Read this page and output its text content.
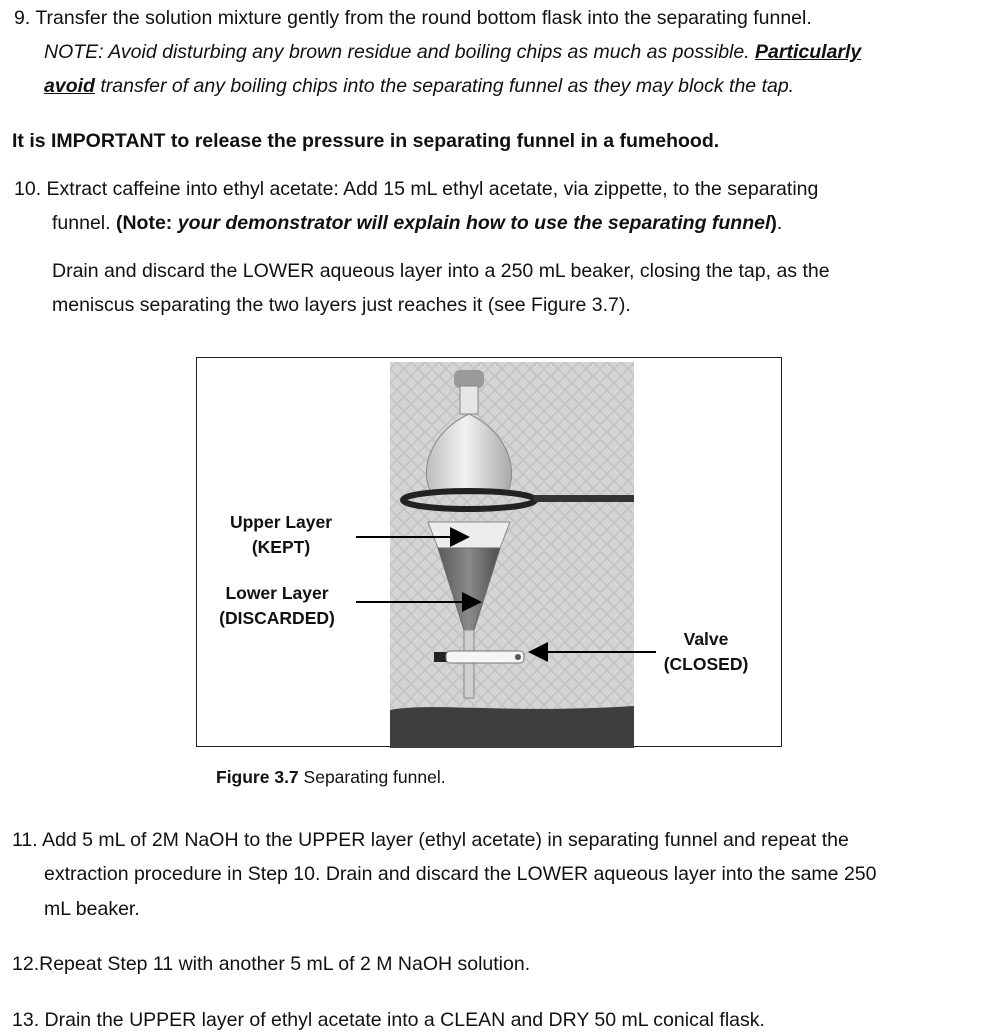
9. Transfer the solution mixture gently from the round bottom flask into the separating funnel.
NOTE: Avoid disturbing any brown residue and boiling chips as much as possible. Particularly
avoid transfer of any boiling chips into the separating funnel as they may block the tap.
It is IMPORTANT to release the pressure in separating funnel in a fumehood.
10. Extract caffeine into ethyl acetate: Add 15 mL ethyl acetate, via zippette, to the separating
funnel. (Note: your demonstrator will explain how to use the separating funnel).
Drain and discard the LOWER aqueous layer into a 250 mL beaker, closing the tap, as the
meniscus separating the two layers just reaches it (see Figure 3.7).
Upper Layer
(KEPT)
Lower Layer
(DISCARDED)
Valve
(CLOSED)
Figure 3.7 Separating funnel.
11. Add 5 mL of 2M NaOH to the UPPER layer (ethyl acetate) in separating funnel and repeat the
extraction procedure in Step 10. Drain and discard the LOWER aqueous layer into the same 250
mL beaker.
12.Repeat Step 11 with another 5 mL of 2 M NaOH solution.
13. Drain the UPPER layer of ethyl acetate into a CLEAN and DRY 50 mL conical flask.
